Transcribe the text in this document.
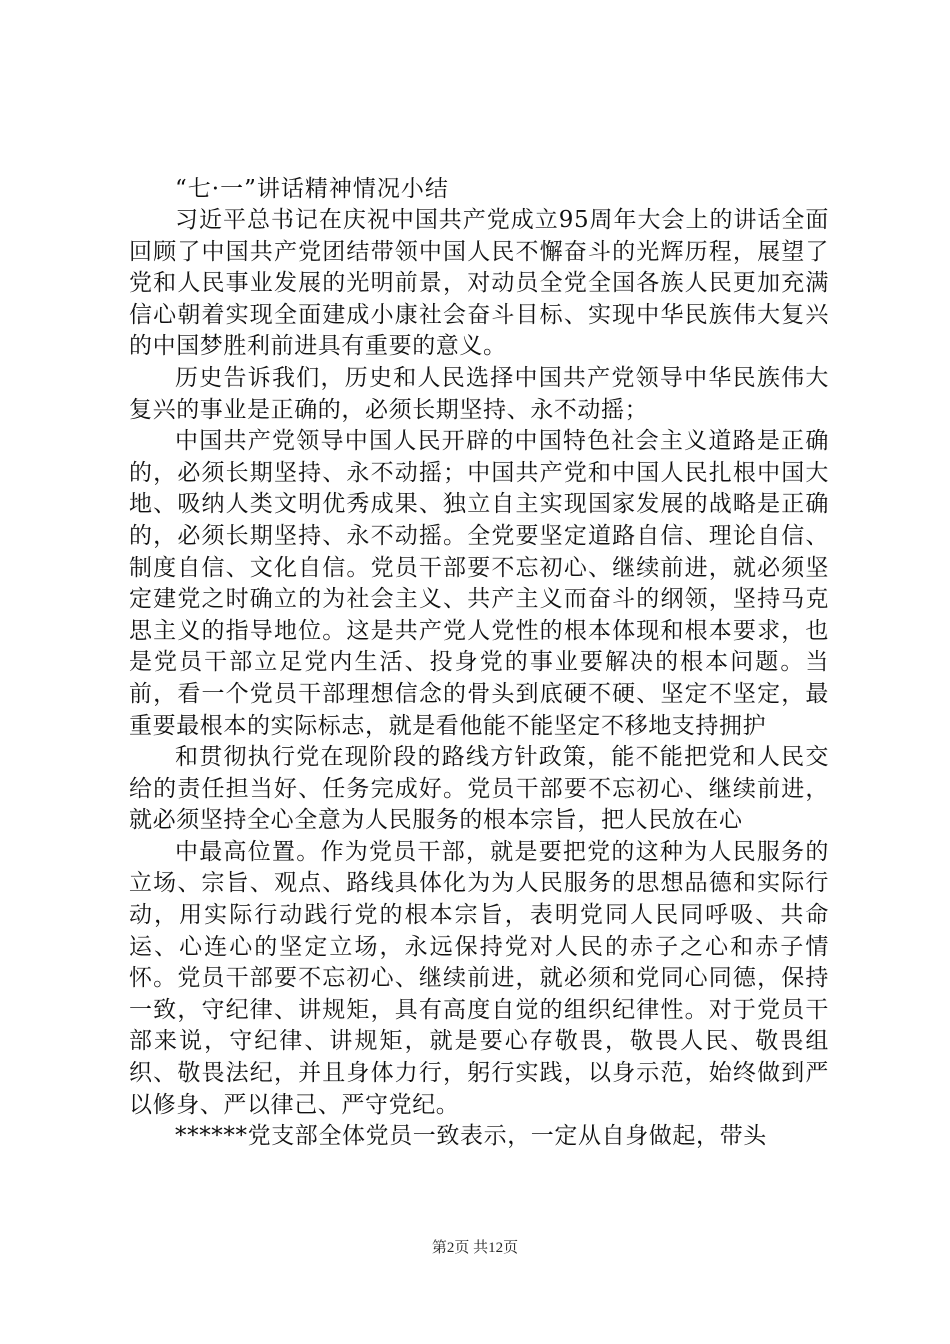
“七·一”讲话精神情况小结

习近平总书记在庆祝中国共产党成立95周年大会上的讲话全面回顾了中国共产党团结带领中国人民不懈奋斗的光辉历程，展望了党和人民事业发展的光明前景，对动员全党全国各族人民更加充满信心朝着实现全面建成小康社会奋斗目标、实现中华民族伟大复兴的中国梦胜利前进具有重要的意义。

历史告诉我们，历史和人民选择中国共产党领导中华民族伟大复兴的事业是正确的，必须长期坚持、永不动摇；

中国共产党领导中国人民开辟的中国特色社会主义道路是正确的，必须长期坚持、永不动摇；中国共产党和中国人民扎根中国大地、吸纳人类文明优秀成果、独立自主实现国家发展的战略是正确的，必须长期坚持、永不动摇。全党要坚定道路自信、理论自信、制度自信、文化自信。党员干部要不忘初心、继续前进，就必须坚定建党之时确立的为社会主义、共产主义而奋斗的纲领，坚持马克思主义的指导地位。这是共产党人党性的根本体现和根本要求，也是党员干部立足党内生活、投身党的事业要解决的根本问题。当前，看一个党员干部理想信念的骨头到底硬不硬、坚定不坚定，最重要最根本的实际标志，就是看他能不能坚定不移地支持拥护

和贯彻执行党在现阶段的路线方针政策，能不能把党和人民交给的责任担当好、任务完成好。党员干部要不忘初心、继续前进，就必须坚持全心全意为人民服务的根本宗旨，把人民放在心

中最高位置。作为党员干部，就是要把党的这种为人民服务的立场、宗旨、观点、路线具体化为为人民服务的思想品德和实际行动，用实际行动践行党的根本宗旨，表明党同人民同呼吸、共命运、心连心的坚定立场，永远保持党对人民的赤子之心和赤子情怀。党员干部要不忘初心、继续前进，就必须和党同心同德，保持一致，守纪律、讲规矩，具有高度自觉的组织纪律性。对于党员干部来说，守纪律、讲规矩，就是要心存敬畏，敬畏人民、敬畏组织、敬畏法纪，并且身体力行，躬行实践，以身示范，始终做到严以修身、严以律己、严守党纪。

******党支部全体党员一致表示，一定从自身做起，带头

第2页 共12页
